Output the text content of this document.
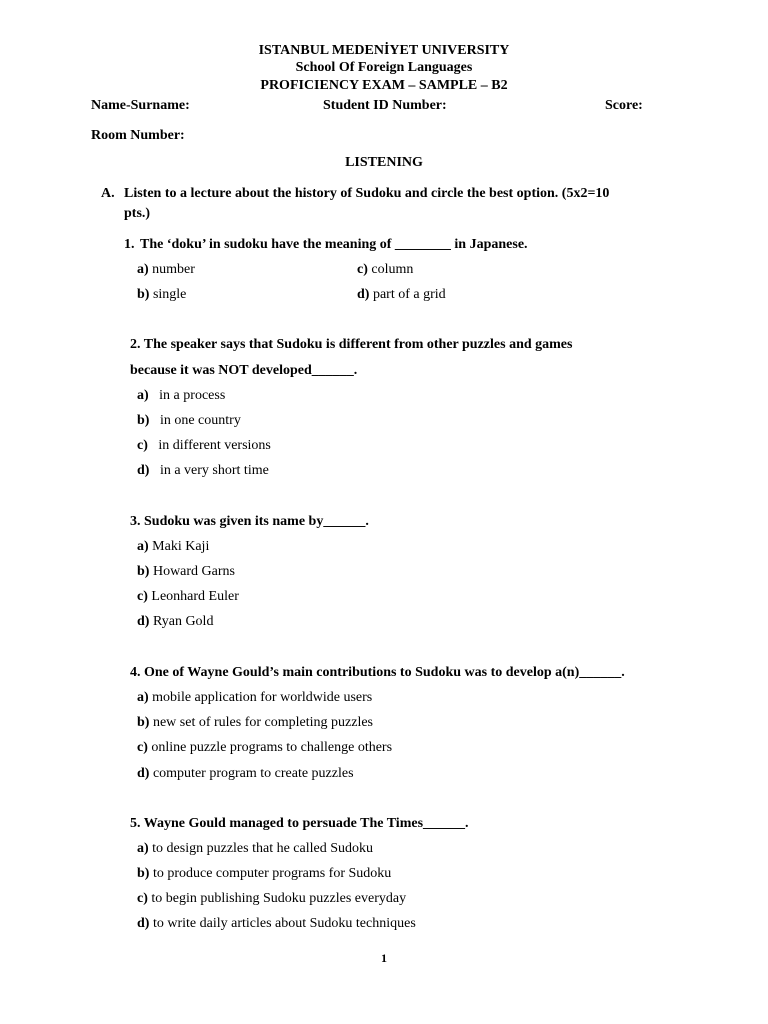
ISTANBUL MEDENİYET UNIVERSITY
School Of Foreign Languages
PROFICIENCY EXAM – SAMPLE – B2
Name-Surname:	Student ID Number:	Score:
Room Number:
LISTENING
A. Listen to a lecture about the history of Sudoku and circle the best option. (5x2=10
pts.)
1. The ‘doku’ in sudoku have the meaning of ________ in Japanese.
a) number
b) single
c) column
d) part of a grid
2. The speaker says that Sudoku is different from other puzzles and games
because it was NOT developed______.
a) in a process
b) in one country
c) in different versions
d) in a very short time
3. Sudoku was given its name by______.
a) Maki Kaji
b) Howard Garns
c) Leonhard Euler
d) Ryan Gold
4. One of Wayne Gould’s main contributions to Sudoku was to develop a(n)______.
a) mobile application for worldwide users
b) new set of rules for completing puzzles
c) online puzzle programs to challenge others
d) computer program to create puzzles
5. Wayne Gould managed to persuade The Times______.
a) to design puzzles that he called Sudoku
b) to produce computer programs for Sudoku
c) to begin publishing Sudoku puzzles everyday
d) to write daily articles about Sudoku techniques
1
